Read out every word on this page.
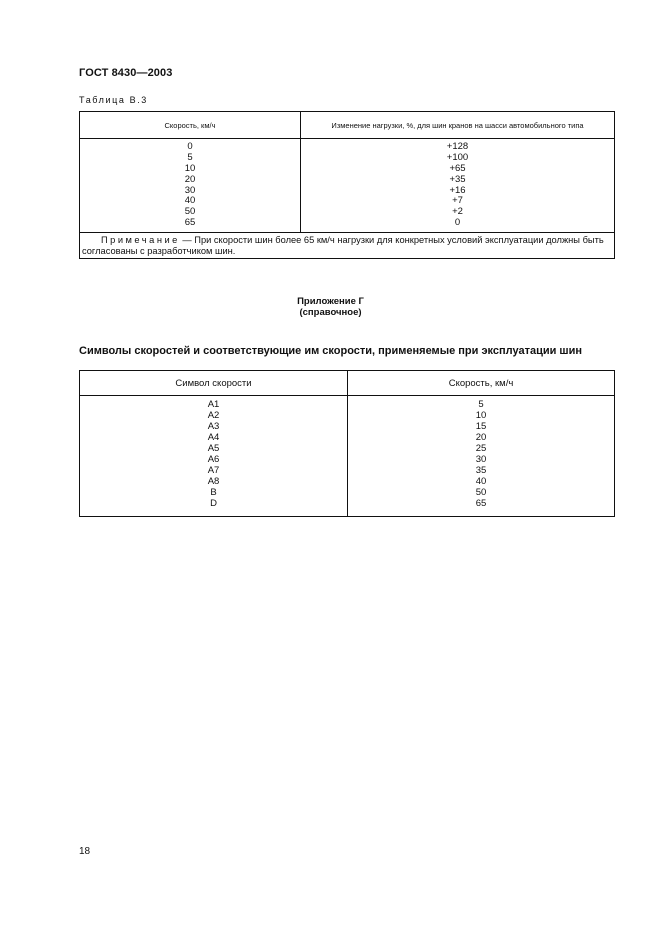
ГОСТ 8430—2003
Таблица В.3
Скорость, км/ч	Изменение нагрузки, %, для шин кранов на шасси автомобильного типа
0
5
10
20
30
40
50
65
+128
+100
+65
+35
+16
+7
+2
0
Примечание — При скорости шин более 65 км/ч нагрузки для конкретных условий эксплуатации должны быть согласованы с разработчиком шин.
Приложение Г
(справочное)
Символы скоростей и соответствующие им скорости, применяемые при эксплуатации шин
Символ скорости	Скорость, км/ч
A1
A2
A3
A4
A5
A6
A7
A8
B
D
5
10
15
20
25
30
35
40
50
65
18
